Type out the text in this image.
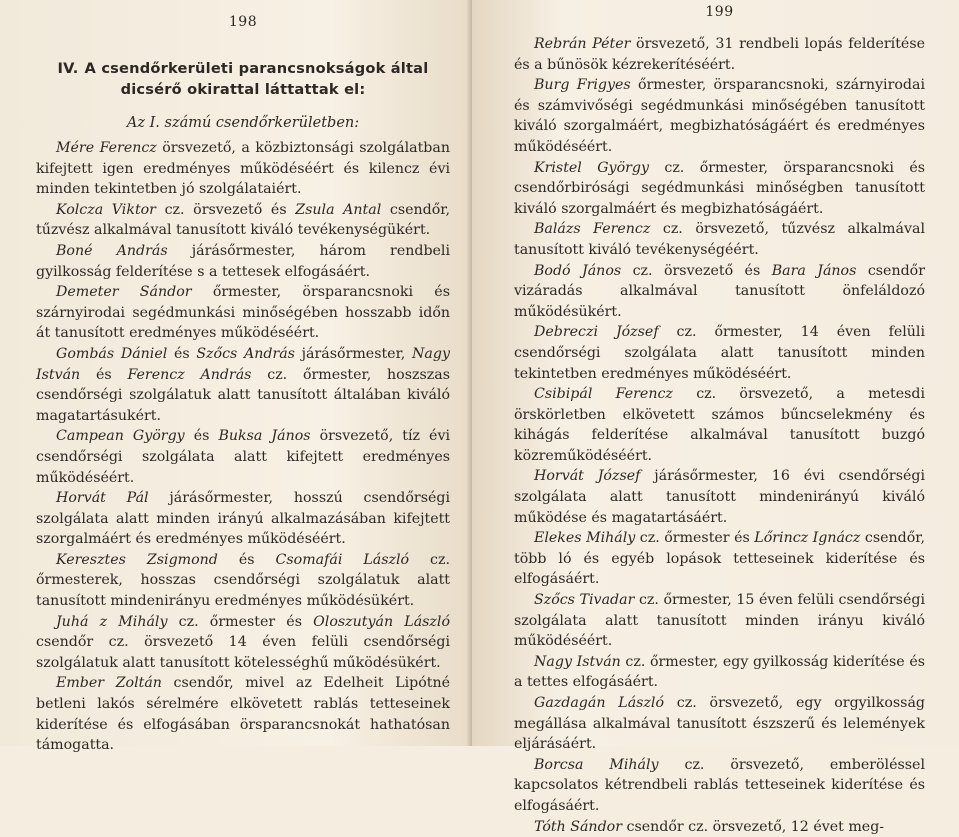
198
IV. A csendőrkerületi parancsnokságok által dicsérő okirattal láttattak el:
Az I. számú csendőrkerületben:

Mére Ferencz örsvezető, a közbiztonsági szolgálatban kifejtett igen eredményes működéséért és kilencz évi minden tekintetben jó szolgálataiért.

Kolcza Viktor cz. örsvezető és Zsula Antal csendőr, tűzvész alkalmával tanusított kiváló tevékenységükért.

Boné András járásőrmester, három rendbeli gyilkosság felderítése s a tettesek elfogásáért.

Demeter Sándor őrmester, örsparancsnoki és szárnyirodai segédmunkási minőségében hosszabb időn át tanusított eredményes működéséért.

Gombás Dániel és Szőcs András járásőrmester, Nagy István és Ferencz András cz. őrmester, hoszszas csendőrségi szolgálatuk alatt tanusított általában kiváló magatartásukért.

Campean György és Buksa János örsvezető, tíz évi csendőrségi szolgálata alatt kifejtett eredményes működéséért.

Horvát Pál járásőrmester, hosszú csendőrségi szolgálata alatt minden irányú alkalmazásában kifejtett szorgalmáért és eredményes működéséért.

Keresztes Zsigmond és Csomafái László cz. őrmesterek, hosszas csendőrségi szolgálatuk alatt tanusított mindenirányu eredményes működésükért.

Juhá z Mihály cz. őrmester és Oloszutyán László csendőr cz. örsvezető 14 éven felüli csendőrségi szolgálatuk alatt tanusított kötelességhű működésükért.

Ember Zoltán csendőr, mivel az Edelheit Lipótné betleni lakós sérelmére elkövetett rablás tetteseinek kiderítése és elfogásában örsparancsnokát hathatósan támogatta.

199

Rebrán Péter örsvezető, 31 rendbeli lopás felderítése és a bűnösök kézrekerítéséért.

Burg Frigyes őrmester, örsparancsnoki, szárnyirodai és számvivőségi segédmunkási minőségében tanusított kiváló szorgalmáért, megbizhatóságáért és eredményes működéséért.

Kristel György cz. őrmester, örsparancsnoki és csendőrbirósági segédmunkási minőségben tanusított kiváló szorgalmáért és megbizhatóságáért.

Balázs Ferencz cz. örsvezető, tűzvész alkalmával tanusított kiváló tevékenységéért.

Bodó János cz. örsvezető és Bara János csendőr vizáradás alkalmával tanusított önfeláldozó működésükért.

Debreczi József cz. őrmester, 14 éven felüli csendőrségi szolgálata alatt tanusított minden tekintetben eredményes működéséért.

Csibipál Ferencz cz. örsvezető, a metesdi örskörletben elkövetett számos bűncselekmény és kihágás felderítése alkalmával tanusított buzgó közreműködéséért.

Horvát József járásőrmester, 16 évi csendőrségi szolgálata alatt tanusított mindenirányú kiváló működése és magatartásáért.

Elekes Mihály cz. őrmester és Lőrincz Ignácz csendőr, több ló és egyéb lopások tetteseinek kiderítése és elfogásáért.

Szőcs Tivadar cz. őrmester, 15 éven felüli csendőrségi szolgálata alatt tanusított minden irányu kiváló működéséért.

Nagy István cz. őrmester, egy gyilkosság kiderítése és a tettes elfogásáért.

Gazdagán László cz. örsvezető, egy orgyilkosság megállása alkalmával tanusított észszerű és lelemények eljárásáért.

Borcsa Mihály cz. örsvezető, emberöléssel kapcsolatos kétrendbeli rablás tetteseinek kiderítése és elfogásáért.

Tóth Sándor csendőr cz. örsvezető, 12 évet meg-
